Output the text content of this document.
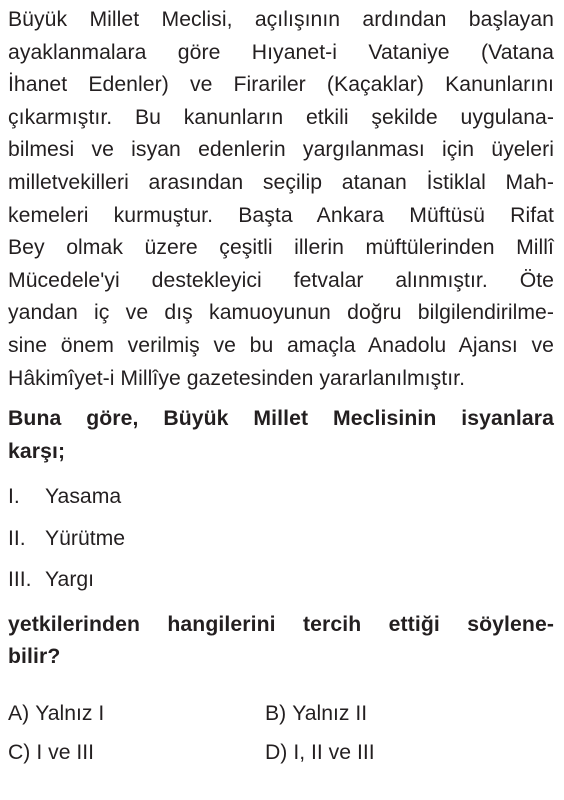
Büyük Millet Meclisi, açılışının ardından başlayan
ayaklanmalara göre Hıyanet-i Vataniye (Vatana
İhanet Edenler) ve Firariler (Kaçaklar) Kanunlarını
çıkarmıştır. Bu kanunların etkili şekilde uygulana-
bilmesi ve isyan edenlerin yargılanması için üyeleri
milletvekilleri arasından seçilip atanan İstiklal Mah-
kemeleri kurmuştur. Başta Ankara Müftüsü Rifat
Bey olmak üzere çeşitli illerin müftülerinden Millî
Mücedele'yi destekleyici fetvalar alınmıştır. Öte
yandan iç ve dış kamuoyunun doğru bilgilendirilme-
sine önem verilmiş ve bu amaçla Anadolu Ajansı ve
Hâkimîyet-i Millîye gazetesinden yararlanılmıştır.
Buna göre, Büyük Millet Meclisinin isyanlara
karşı;
I.	Yasama
II. Yürütme
III. Yargı
yetkilerinden hangilerini tercih ettiği söylene-
bilir?
A) Yalnız I	B) Yalnız II
C) I ve III	D) I, II ve III
